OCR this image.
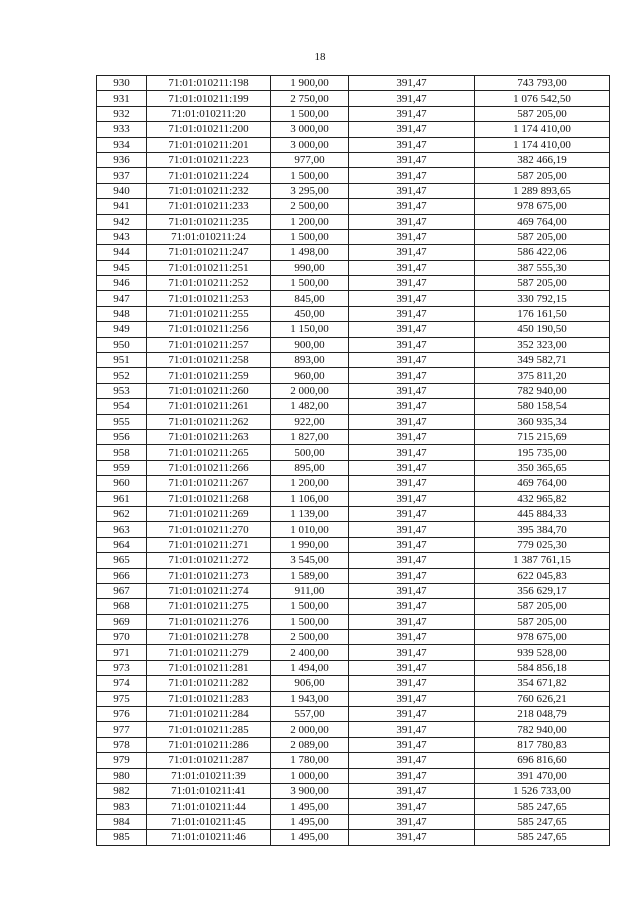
18
930	71:01:010211:198	1 900,00	391,47	743 793,00
931	71:01:010211:199	2 750,00	391,47	1 076 542,50
932	71:01:010211:20	1 500,00	391,47	587 205,00
933	71:01:010211:200	3 000,00	391,47	1 174 410,00
934	71:01:010211:201	3 000,00	391,47	1 174 410,00
936	71:01:010211:223	977,00	391,47	382 466,19
937	71:01:010211:224	1 500,00	391,47	587 205,00
940	71:01:010211:232	3 295,00	391,47	1 289 893,65
941	71:01:010211:233	2 500,00	391,47	978 675,00
942	71:01:010211:235	1 200,00	391,47	469 764,00
943	71:01:010211:24	1 500,00	391,47	587 205,00
944	71:01:010211:247	1 498,00	391,47	586 422,06
945	71:01:010211:251	990,00	391,47	387 555,30
946	71:01:010211:252	1 500,00	391,47	587 205,00
947	71:01:010211:253	845,00	391,47	330 792,15
948	71:01:010211:255	450,00	391,47	176 161,50
949	71:01:010211:256	1 150,00	391,47	450 190,50
950	71:01:010211:257	900,00	391,47	352 323,00
951	71:01:010211:258	893,00	391,47	349 582,71
952	71:01:010211:259	960,00	391,47	375 811,20
953	71:01:010211:260	2 000,00	391,47	782 940,00
954	71:01:010211:261	1 482,00	391,47	580 158,54
955	71:01:010211:262	922,00	391,47	360 935,34
956	71:01:010211:263	1 827,00	391,47	715 215,69
958	71:01:010211:265	500,00	391,47	195 735,00
959	71:01:010211:266	895,00	391,47	350 365,65
960	71:01:010211:267	1 200,00	391,47	469 764,00
961	71:01:010211:268	1 106,00	391,47	432 965,82
962	71:01:010211:269	1 139,00	391,47	445 884,33
963	71:01:010211:270	1 010,00	391,47	395 384,70
964	71:01:010211:271	1 990,00	391,47	779 025,30
965	71:01:010211:272	3 545,00	391,47	1 387 761,15
966	71:01:010211:273	1 589,00	391,47	622 045,83
967	71:01:010211:274	911,00	391,47	356 629,17
968	71:01:010211:275	1 500,00	391,47	587 205,00
969	71:01:010211:276	1 500,00	391,47	587 205,00
970	71:01:010211:278	2 500,00	391,47	978 675,00
971	71:01:010211:279	2 400,00	391,47	939 528,00
973	71:01:010211:281	1 494,00	391,47	584 856,18
974	71:01:010211:282	906,00	391,47	354 671,82
975	71:01:010211:283	1 943,00	391,47	760 626,21
976	71:01:010211:284	557,00	391,47	218 048,79
977	71:01:010211:285	2 000,00	391,47	782 940,00
978	71:01:010211:286	2 089,00	391,47	817 780,83
979	71:01:010211:287	1 780,00	391,47	696 816,60
980	71:01:010211:39	1 000,00	391,47	391 470,00
982	71:01:010211:41	3 900,00	391,47	1 526 733,00
983	71:01:010211:44	1 495,00	391,47	585 247,65
984	71:01:010211:45	1 495,00	391,47	585 247,65
985	71:01:010211:46	1 495,00	391,47	585 247,65
